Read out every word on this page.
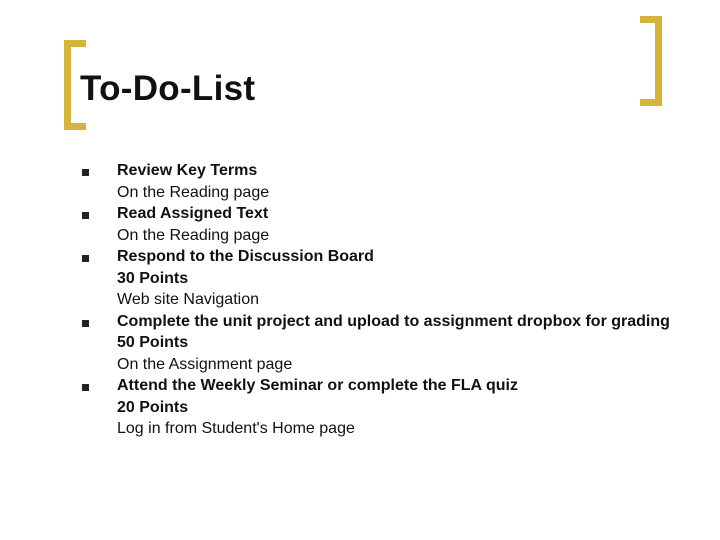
To-Do-List
Review Key Terms
On the Reading page
Read Assigned Text
On the Reading page
Respond to the Discussion Board
30 Points
Web site Navigation
Complete the unit project and upload to assignment dropbox for grading
50 Points
On the Assignment page
Attend the Weekly Seminar or complete the FLA quiz
20 Points
Log in from Student's Home page
